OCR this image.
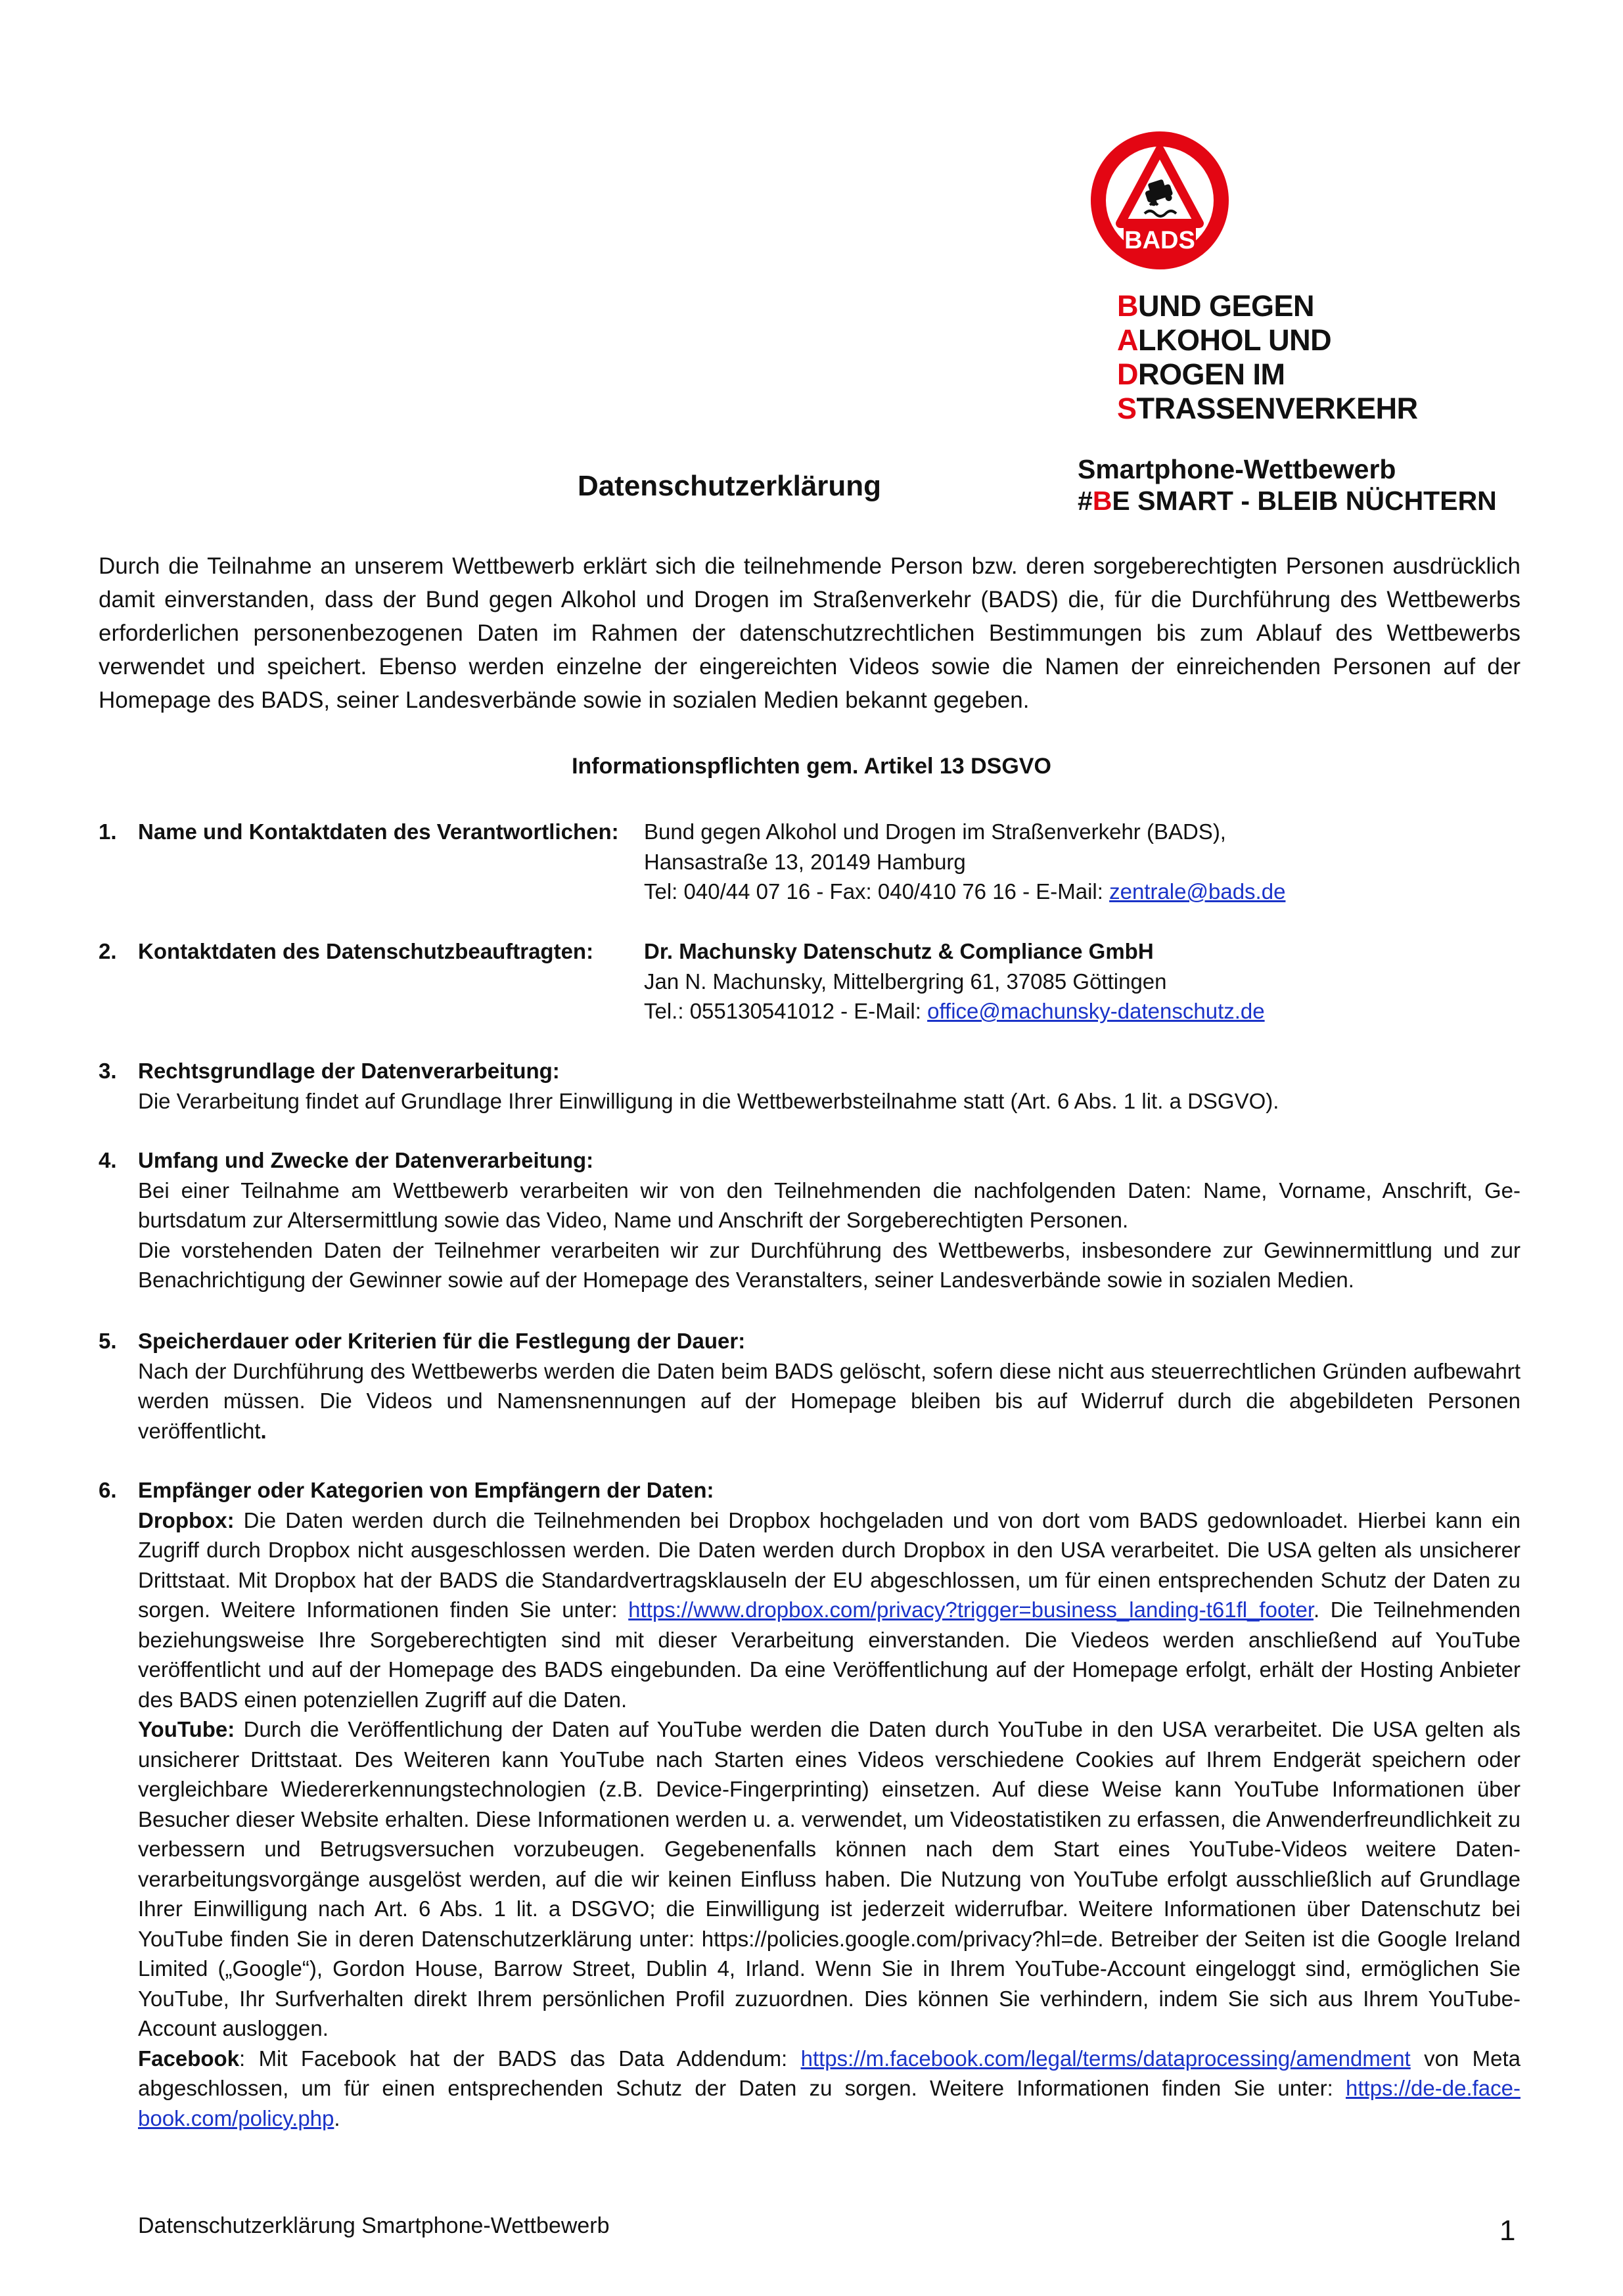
BADS
BUND GEGEN
ALKOHOL UND
DROGEN IM
STRASSENVERKEHR
Datenschutzerklärung
Smartphone-Wettbewerb
#BE SMART - BLEIB NÜCHTERN
Durch die Teilnahme an unserem Wettbewerb erklärt sich die teilnehmende Person bzw. deren sorgeberechtigten Personen ausdrücklich damit einverstanden, dass der Bund gegen Alkohol und Drogen im Straßenverkehr (BADS) die, für die Durchführung des Wettbewerbs erforderlichen personenbezogenen Daten im Rahmen der datenschutzrechtlichen Bestimmungen bis zum Ablauf des Wettbewerbs verwendet und speichert. Ebenso werden einzelne der eingereichten Videos sowie die Namen der einreichenden Personen auf der Homepage des BADS, seiner Landesverbände sowie in sozialen Medien bekannt gegeben.
Informationspflichten gem. Artikel 13 DSGVO
1. Name und Kontaktdaten des Verantwortlichen: Bund gegen Alkohol und Drogen im Straßenverkehr (BADS),
Hansastraße 13, 20149 Hamburg
Tel: 040/44 07 16 - Fax: 040/410 76 16 - E-Mail: zentrale@bads.de
2. Kontaktdaten des Datenschutzbeauftragten: Dr. Machunsky Datenschutz & Compliance GmbH
Jan N. Machunsky, Mittelbergring 61, 37085 Göttingen
Tel.: 055130541012 - E-Mail: office@machunsky-datenschutz.de
3. Rechtsgrundlage der Datenverarbeitung:
Die Verarbeitung findet auf Grundlage Ihrer Einwilligung in die Wettbewerbsteilnahme statt (Art. 6 Abs. 1 lit. a DSGVO).
4. Umfang und Zwecke der Datenverarbeitung:
Bei einer Teilnahme am Wettbewerb verarbeiten wir von den Teilnehmenden die nachfolgenden Daten: Name, Vorname, Anschrift, Geburtsdatum zur Altersermittlung sowie das Video, Name und Anschrift der Sorgeberechtigten Personen.
Die vorstehenden Daten der Teilnehmer verarbeiten wir zur Durchführung des Wettbewerbs, insbesondere zur Gewinnermittlung und zur Benachrichtigung der Gewinner sowie auf der Homepage des Veranstalters, seiner Landesverbände sowie in sozialen Medien.
5. Speicherdauer oder Kriterien für die Festlegung der Dauer:
Nach der Durchführung des Wettbewerbs werden die Daten beim BADS gelöscht, sofern diese nicht aus steuerrechtlichen Gründen aufbewahrt werden müssen. Die Videos und Namensnennungen auf der Homepage bleiben bis auf Widerruf durch die abgebildeten Personen veröffentlicht.
6. Empfänger oder Kategorien von Empfängern der Daten:
Dropbox: Die Daten werden durch die Teilnehmenden bei Dropbox hochgeladen und von dort vom BADS gedownloadet. Hierbei kann ein Zugriff durch Dropbox nicht ausgeschlossen werden. Die Daten werden durch Dropbox in den USA verarbeitet. Die USA gelten als unsicherer Drittstaat. Mit Dropbox hat der BADS die Standardvertragsklauseln der EU abgeschlossen, um für einen entsprechenden Schutz der Daten zu sorgen. Weitere Informationen finden Sie unter: https://www.dropbox.com/privacy?trigger=business_landing-t61fl_footer. Die Teilnehmenden beziehungsweise Ihre Sorgeberechtigten sind mit dieser Verarbeitung einverstanden. Die Viedeos werden anschließend auf YouTube veröffentlicht und auf der Homepage des BADS eingebunden. Da eine Veröffentlichung auf der Homepage erfolgt, erhält der Hosting Anbieter des BADS einen potenziellen Zugriff auf die Daten.
YouTube: Durch die Veröffentlichung der Daten auf YouTube werden die Daten durch YouTube in den USA verarbeitet. Die USA gelten als unsicherer Drittstaat. Des Weiteren kann YouTube nach Starten eines Videos verschiedene Cookies auf Ihrem Endgerät speichern oder vergleichbare Wiedererkennungstechnologien (z.B. Device-Fingerprinting) einsetzen. Auf diese Weise kann YouTube Informationen über Besucher dieser Website erhalten. Diese Informationen werden u. a. verwendet, um Videostatistiken zu erfassen, die Anwenderfreundlichkeit zu verbessern und Betrugsversuchen vorzubeugen. Gegebenenfalls können nach dem Start eines YouTube-Videos weitere Datenverarbeitungsvorgänge ausgelöst werden, auf die wir keinen Einfluss haben. Die Nutzung von YouTube erfolgt ausschließlich auf Grundlage Ihrer Einwilligung nach Art. 6 Abs. 1 lit. a DSGVO; die Einwilligung ist jederzeit widerrufbar. Weitere Informationen über Datenschutz bei YouTube finden Sie in deren Datenschutzerklärung unter: https://policies.google.com/privacy?hl=de. Betreiber der Seiten ist die Google Ireland Limited („Google“), Gordon House, Barrow Street, Dublin 4, Irland. Wenn Sie in Ihrem YouTube-Account eingeloggt sind, ermöglichen Sie YouTube, Ihr Surfverhalten direkt Ihrem persönlichen Profil zuzuordnen. Dies können Sie verhindern, indem Sie sich aus Ihrem YouTube-Account ausloggen.
Facebook: Mit Facebook hat der BADS das Data Addendum: https://m.facebook.com/legal/terms/dataprocessing/amendment von Meta abgeschlossen, um für einen entsprechenden Schutz der Daten zu sorgen. Weitere Informationen finden Sie unter: https://de-de.facebook.com/policy.php.
Datenschutzerklärung Smartphone-Wettbewerb	1
